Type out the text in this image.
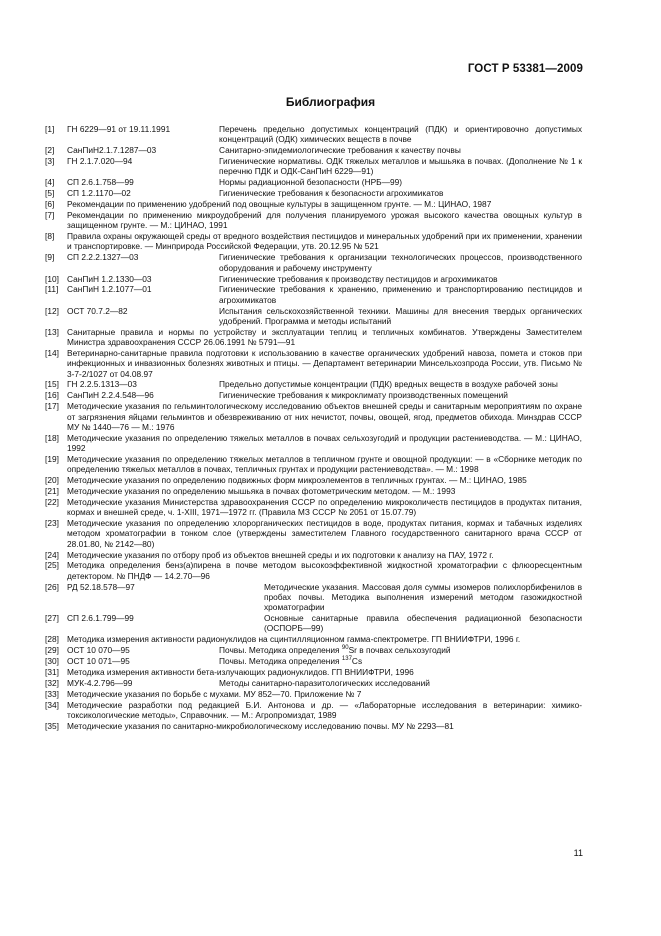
ГОСТ Р 53381—2009
Библиография
[1] ГН 6229—91 от 19.11.1991	Перечень предельно допустимых концентраций (ПДК) и ориентировочно допустимых концентраций (ОДК) химических веществ в почве
[2] СанПиН2.1.7.1287—03	Санитарно-эпидемиологические требования к качеству почвы
[3] ГН 2.1.7.020—94	Гигиенические нормативы. ОДК тяжелых металлов и мышьяка в почвах. (Дополнение № 1 к перечню ПДК и ОДК-СанПиН 6229—91)
[4] СП 2.6.1.758—99	Нормы радиационной безопасности (НРБ—99)
[5] СП 1.2.1170—02	Гигиенические требования к безопасности агрохимикатов
[6] Рекомендации по применению удобрений под овощные культуры в защищенном грунте. — М.: ЦИНАО, 1987
[7] Рекомендации по применению микроудобрений для получения планируемого урожая высокого качества овощных культур в защищенном грунте. — М.: ЦИНАО, 1991
[8] Правила охраны окружающей среды от вредного воздействия пестицидов и минеральных удобрений при их применении, хранении и транспортировке. — Минприрода Российской Федерации, утв. 20.12.95 № 521
[9] СП 2.2.2.1327—03	Гигиенические требования к организации технологических процессов, производственного оборудования и рабочему инструменту
[10] СанПиН 1.2.1330—03	Гигиенические требования к производству пестицидов и агрохимикатов
[11] СанПиН 1.2.1077—01	Гигиенические требования к хранению, применению и транспортированию пестицидов и агрохимикатов
[12] ОСТ 70.7.2—82	Испытания сельскохозяйственной техники. Машины для внесения твердых органических удобрений. Программа и методы испытаний
[13] Санитарные правила и нормы по устройству и эксплуатации теплиц и тепличных комбинатов. Утверждены Заместителем Министра здравоохранения СССР 26.06.1991 № 5791—91
[14] Ветеринарно-санитарные правила подготовки к использованию в качестве органических удобрений навоза, помета и стоков при инфекционных и инвазионных болезнях животных и птицы. — Департамент ветеринарии Минсельхозпрода России, утв. Письмо № 3-7-2/1027 от 04.08.97
[15] ГН 2.2.5.1313—03	Предельно допустимые концентрации (ПДК) вредных веществ в воздухе рабочей зоны
[16] СанПиН 2.2.4.548—96	Гигиенические требования к микроклимату производственных помещений
[17] Методические указания по гельминтологическому исследованию объектов внешней среды и санитарным мероприятиям по охране от загрязнения яйцами гельминтов и обезвреживанию от них нечистот, почвы, овощей, ягод, предметов обихода. Минздрав СССР МУ № 1440—76 — М.: 1976
[18] Методические указания по определению тяжелых металлов в почвах сельхозугодий и продукции растениеводства. — М.: ЦИНАО, 1992
[19] Методические указания по определению тяжелых металлов в тепличном грунте и овощной продукции: — в «Сборнике методик по определению тяжелых металлов в почвах, тепличных грунтах и продукции растениеводства». — М.: 1998
[20] Методические указания по определению подвижных форм микроэлементов в тепличных грунтах. — М.: ЦИНАО, 1985
[21] Методические указания по определению мышьяка в почвах фотометрическим методом. — М.: 1993
[22] Методические указания Министерства здравоохранения СССР по определению микроколичеств пестицидов в продуктах питания, кормах и внешней среде, ч. 1-XIII, 1971—1972 гг. (Правила МЗ СССР № 2051 от 15.07.79)
[23] Методические указания по определению хлорорганических пестицидов в воде, продуктах питания, кормах и табачных изделиях методом хроматографии в тонком слое (утверждены заместителем Главного государственного санитарного врача СССР от 28.01.80, № 2142—80)
[24] Методические указания по отбору проб из объектов внешней среды и их подготовки к анализу на ПАУ, 1972 г.
[25] Методика определения бенз(а)пирена в почве методом высокоэффективной жидкостной хроматографии с флюоресцентным детектором. № ПНДФ — 14.2.70—96
[26] РД 52.18.578—97	Методические указания. Массовая доля суммы изомеров полихлорбифенилов в пробах почвы. Методика выполнения измерений методом газожидкостной хроматографии
[27] СП 2.6.1.799—99	Основные санитарные правила обеспечения радиационной безопасности (ОСПОРБ—99)
[28] Методика измерения активности радионуклидов на сцинтилляционном гамма-спектрометре. ГП ВНИИФТРИ, 1996 г.
[29] ОСТ 10 070—95	Почвы. Методика определения $^{90}$Sr в почвах сельхозугодий
[30] ОСТ 10 071—95	Почвы. Методика определения $^{137}$Cs
[31] Методика измерения активности бета-излучающих радионуклидов. ГП ВНИИФТРИ, 1996
[32] МУК-4.2.796—99	Методы санитарно-паразитологических исследований
[33] Методические указания по борьбе с мухами. МУ 852—70. Приложение № 7
[34] Методические разработки под редакцией Б.И. Антонова и др. — «Лабораторные исследования в ветеринарии: химико-токсикологические методы», Справочник. — М.: Агропромиздат, 1989
[35] Методические указания по санитарно-микробиологическому исследованию почвы. МУ № 2293—81
11
